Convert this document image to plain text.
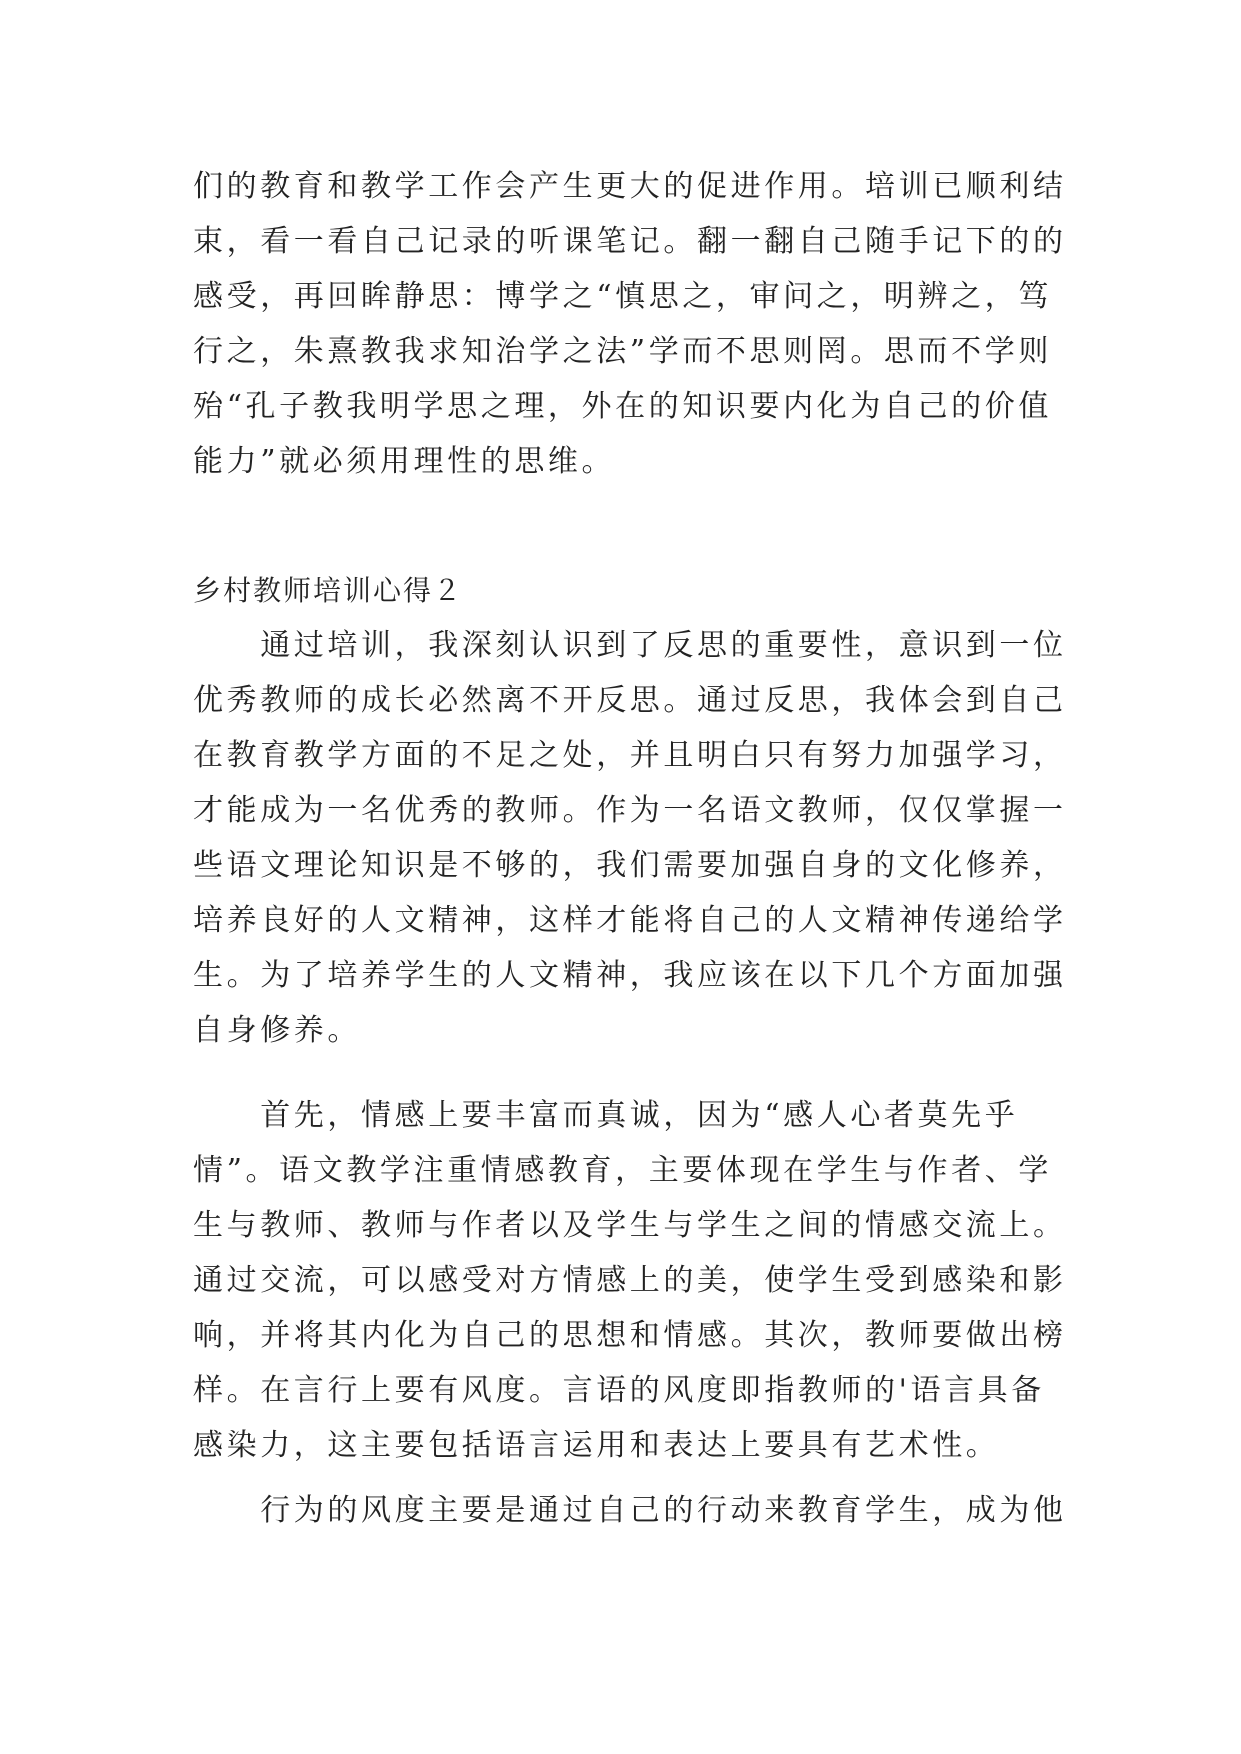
们的教育和教学工作会产生更大的促进作用。培训已顺利结
束，看一看自己记录的听课笔记。翻一翻自己随手记下的的
感受，再回眸静思：博学之“慎思之，审问之，明辨之，笃
行之，朱熹教我求知治学之法”学而不思则罔。思而不学则
殆“孔子教我明学思之理，外在的知识要内化为自己的价值
能力”就必须用理性的思维。
乡村教师培训心得２
　　通过培训，我深刻认识到了反思的重要性，意识到一位
优秀教师的成长必然离不开反思。通过反思，我体会到自己
在教育教学方面的不足之处，并且明白只有努力加强学习，
才能成为一名优秀的教师。作为一名语文教师，仅仅掌握一
些语文理论知识是不够的，我们需要加强自身的文化修养，
培养良好的人文精神，这样才能将自己的人文精神传递给学
生。为了培养学生的人文精神，我应该在以下几个方面加强
自身修养。
　　首先，情感上要丰富而真诚，因为“感人心者莫先乎
情”。语文教学注重情感教育，主要体现在学生与作者、学
生与教师、教师与作者以及学生与学生之间的情感交流上。
通过交流，可以感受对方情感上的美，使学生受到感染和影
响，并将其内化为自己的思想和情感。其次，教师要做出榜
样。在言行上要有风度。言语的风度即指教师的'语言具备
感染力，这主要包括语言运用和表达上要具有艺术性。
　　行为的风度主要是通过自己的行动来教育学生，成为他
